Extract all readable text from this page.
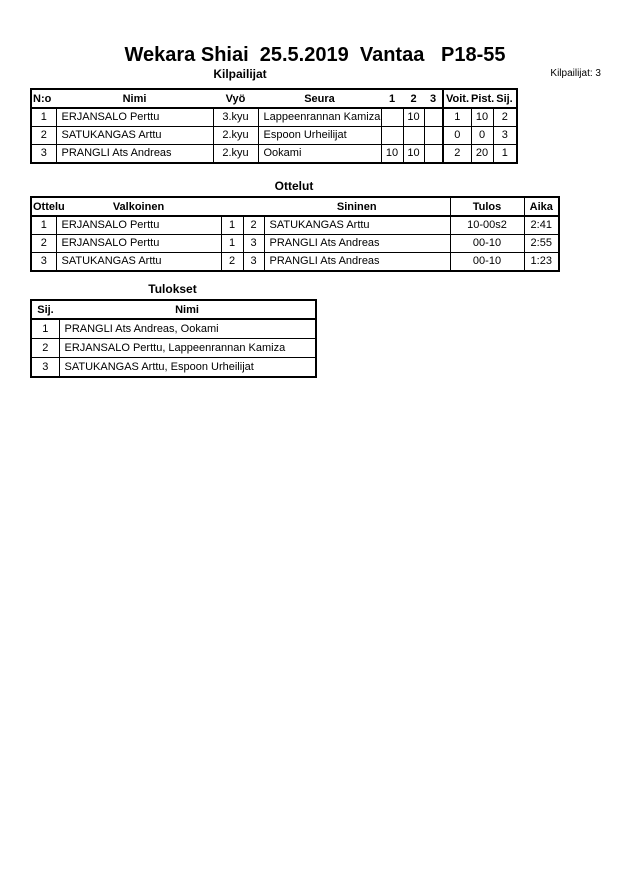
Wekara Shiai  25.5.2019  Vantaa   P18-55
Kilpailijat	Kilpailijat: 3
N:o	Nimi	Vyö	Seura	1	2	3	Voit.	Pist.	Sij.
1	ERJANSALO Perttu	3.kyu	Lappeenrannan Kamiza		10		1	10	2
2	SATUKANGAS Arttu	2.kyu	Espoon Urheilijat				0	0	3
3	PRANGLI Ats Andreas	2.kyu	Ookami	10	10		2	20	1
Ottelut
Ottelu	Valkoinen			Sininen	Tulos	Aika
1	ERJANSALO Perttu	1	2	SATUKANGAS Arttu	10-00s2	2:41
2	ERJANSALO Perttu	1	3	PRANGLI Ats Andreas	00-10	2:55
3	SATUKANGAS Arttu	2	3	PRANGLI Ats Andreas	00-10	1:23
Tulokset
Sij.	Nimi
1	PRANGLI Ats Andreas, Ookami
2	ERJANSALO Perttu, Lappeenrannan Kamiza
3	SATUKANGAS Arttu, Espoon Urheilijat
